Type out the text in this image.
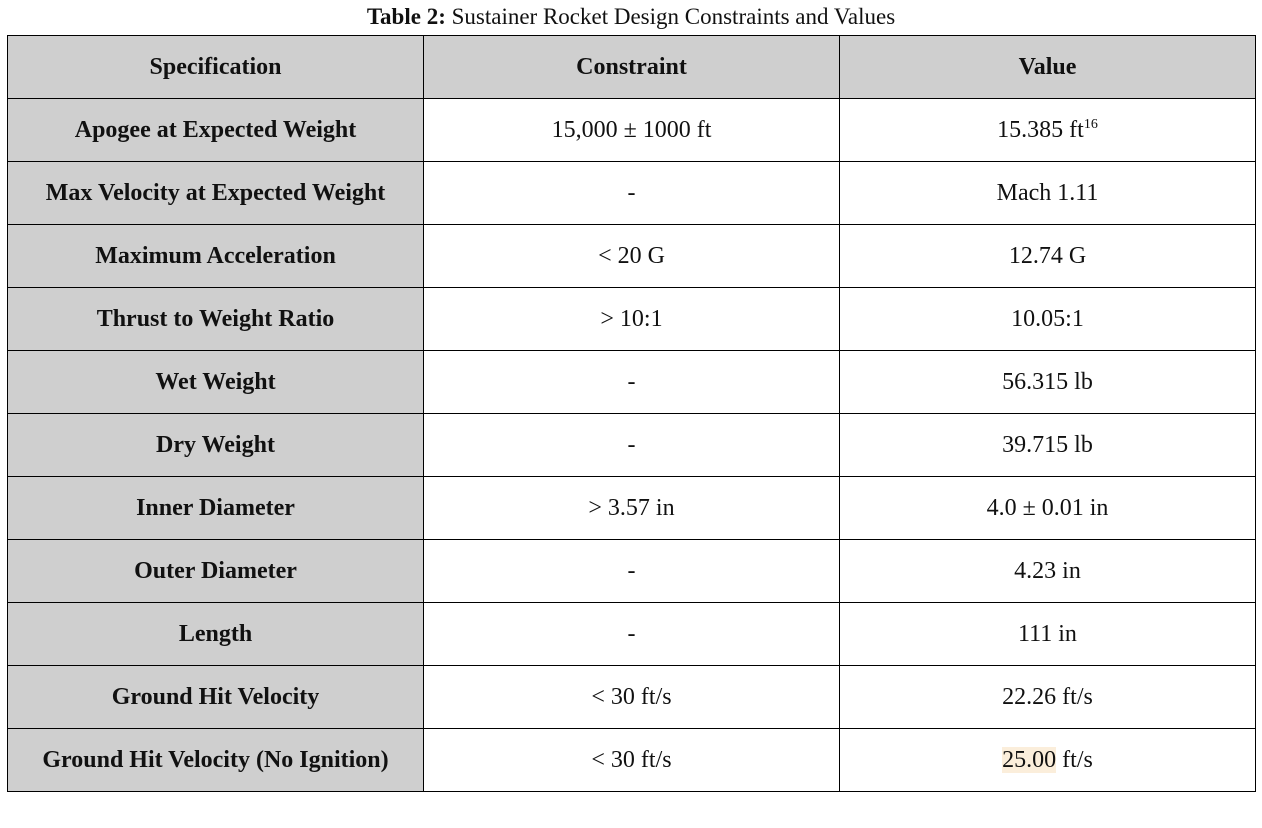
Table 2: Sustainer Rocket Design Constraints and Values
Specification	Constraint	Value
Apogee at Expected Weight	15,000 ± 1000 ft	15.385 $ft^{16}$
Max Velocity at Expected Weight	-	Mach 1.11
Maximum Acceleration	< 20 G	12.74 G
Thrust to Weight Ratio	> 10:1	10.05:1
Wet Weight	-	56.315 lb
Dry Weight	-	39.715 lb
Inner Diameter	> 3.57 in	4.0 ± 0.01 in
Outer Diameter	-	4.23 in
Length	-	111 in
Ground Hit Velocity	< 30 ft/s	22.26 ft/s
Ground Hit Velocity (No Ignition)	< 30 ft/s	25.00 ft/s
